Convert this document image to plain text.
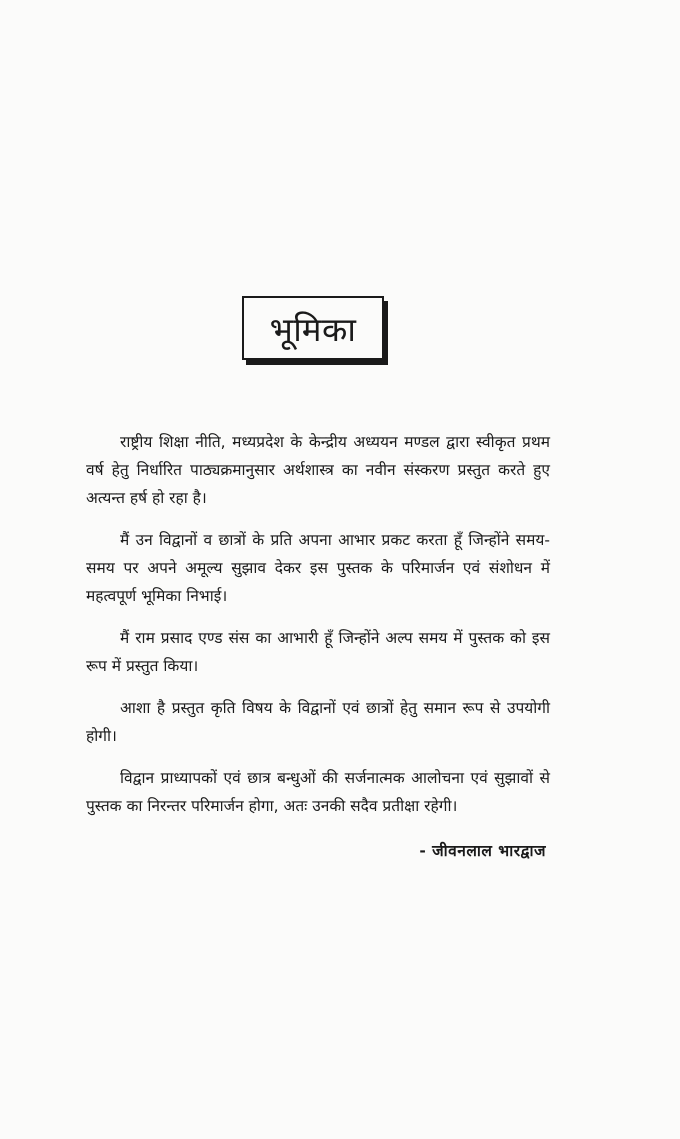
भूमिका

राष्ट्रीय शिक्षा नीति, मध्यप्रदेश के केन्द्रीय अध्ययन मण्डल द्वारा स्वीकृत प्रथम वर्ष हेतु निर्धारित पाठ्यक्रमानुसार अर्थशास्त्र का नवीन संस्करण प्रस्तुत करते हुए अत्यन्त हर्ष हो रहा है।

मैं उन विद्वानों व छात्रों के प्रति अपना आभार प्रकट करता हूँ जिन्होंने समय-समय पर अपने अमूल्य सुझाव देकर इस पुस्तक के परिमार्जन एवं संशोधन में महत्वपूर्ण भूमिका निभाई।

मैं राम प्रसाद एण्ड संस का आभारी हूँ जिन्होंने अल्प समय में पुस्तक को इस रूप में प्रस्तुत किया।

आशा है प्रस्तुत कृति विषय के विद्वानों एवं छात्रों हेतु समान रूप से उपयोगी होगी।

विद्वान प्राध्यापकों एवं छात्र बन्धुओं की सर्जनात्मक आलोचना एवं सुझावों से पुस्तक का निरन्तर परिमार्जन होगा, अतः उनकी सदैव प्रतीक्षा रहेगी।

- जीवनलाल भारद्वाज
